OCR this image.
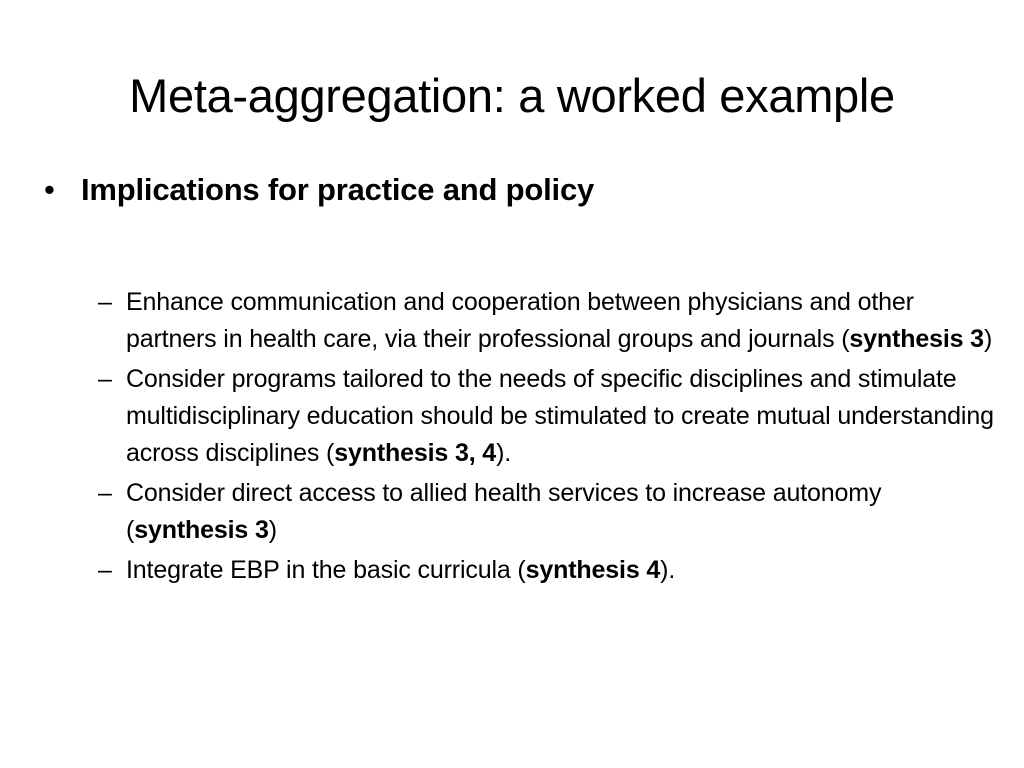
Meta-aggregation: a worked example
• Implications for practice and policy
– Enhance communication and cooperation between physicians and other partners in health care, via their professional groups and journals (synthesis 3)
– Consider programs tailored to the needs of specific disciplines and stimulate multidisciplinary education should be stimulated to create mutual understanding across disciplines (synthesis 3, 4).
– Consider direct access to allied health services to increase autonomy (synthesis 3)
– Integrate EBP in the basic curricula (synthesis 4).
